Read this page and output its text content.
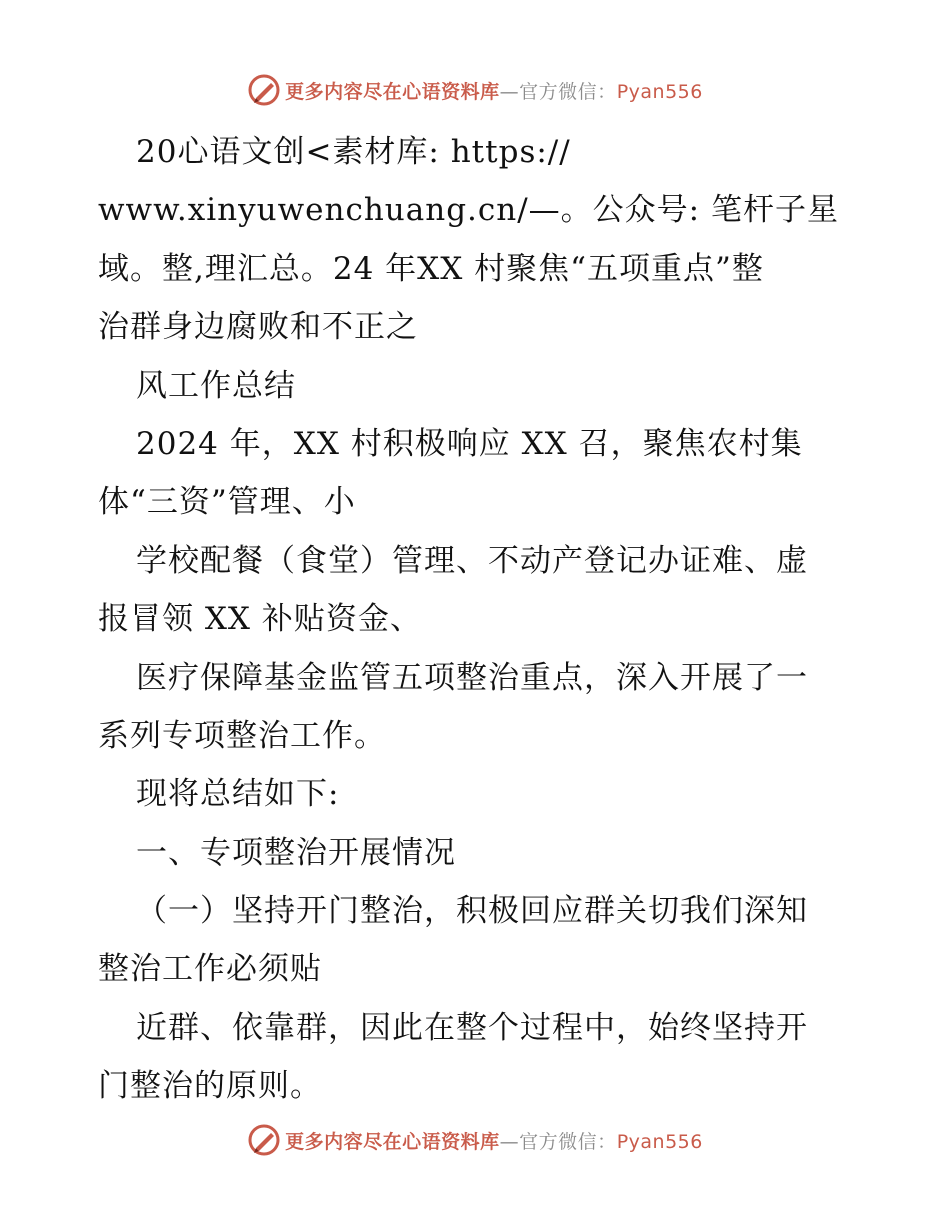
更多内容尽在心语资料库—官方微信：Pyan556
20心语文创<素材库: https://
www.xinyuwenchuang.cn/—。公众号: 笔杆子星
域。整,理汇总。24 年XX 村聚焦“五项重点”整
治群身边腐败和不正之
风工作总结
2024 年，XX 村积极响应 XX 召，聚焦农村集
体“三资”管理、小
学校配餐（食堂）管理、不动产登记办证难、虚
报冒领 XX 补贴资金、
医疗保障基金监管五项整治重点，深入开展了一
系列专项整治工作。
现将总结如下:
一、专项整治开展情况
（一）坚持开门整治，积极回应群关切我们深知
整治工作必须贴
近群、依靠群，因此在整个过程中，始终坚持开
门整治的原则。
更多内容尽在心语资料库—官方微信：Pyan556
